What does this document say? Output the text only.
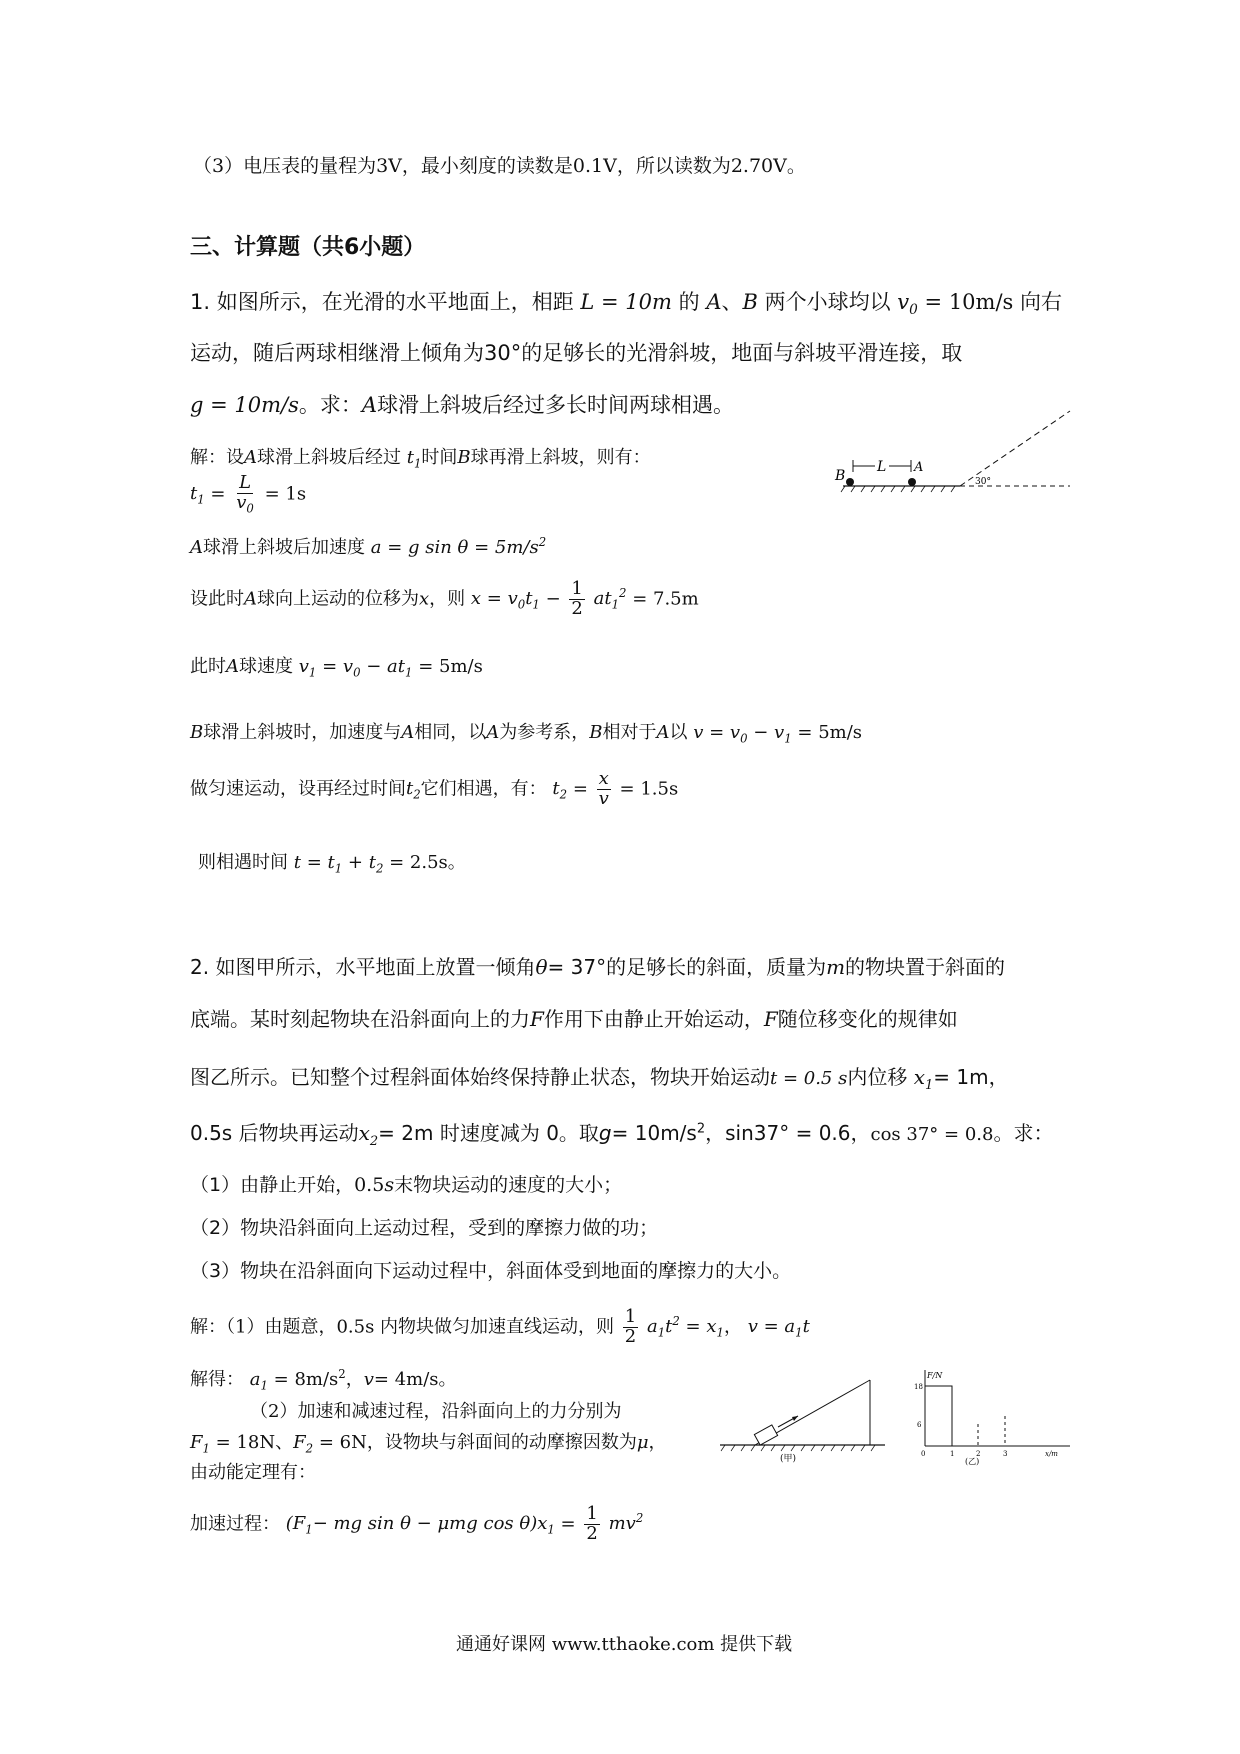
（3）电压表的量程为3V，最小刻度的读数是0.1V，所以读数为2.70V。
三、计算题（共6小题）
1. 如图所示，在光滑的水平地面上，相距 L = 10m 的 A、B 两个小球均以 $v_0 = 10m/s$ 向右
运动，随后两球相继滑上倾角为30°的足够长的光滑斜坡，地面与斜坡平滑连接，取
g = 10m/s。求：A球滑上斜坡后经过多长时间两球相遇。
解：设A球滑上斜坡后经过 $t_1$时间B球再滑上斜坡，则有：
$t_1 = \frac{L}{v_0} = 1s$
A球滑上斜坡后加速度 a = g $\sin \theta = 5m/s^2$
设此时A球向上运动的位移为x，则 $x = v_0t_1 - \frac{1}{2} at_1^2 = 7.5m$
此时A球速度 $v_1 = v_0 - at_1 = 5m/s$
B球滑上斜坡时，加速度与A相同，以A为参考系，B相对于A以 $v = v_0 - v_1 = 5m/s$
做匀速运动，设再经过时间$t_2$它们相遇，有： $t_2 = \frac{x}{v} = 1.5s$
则相遇时间 $t = t_1 + t_2 = 2.5s$。
B
L A
30°
2. 如图甲所示，水平地面上放置一倾角θ= 37°的足够长的斜面，质量为m的物块置于斜面的
底端。某时刻起物块在沿斜面向上的力F作用下由静止开始运动，F随位移变化的规律如
图乙所示。已知整个过程斜面体始终保持静止状态，物块开始运动t = 0.5 s内位移 $x_1= 1m$，
0.5s 后物块再运动$x_2= 2m$ 时速度减为 0。取$g= 10m/s^2$，sin37° = 0.6，cos 37° = 0.8。求：
（1）由静止开始，0.5s末物块运动的速度的大小；
（2）物块沿斜面向上运动过程，受到的摩擦力做的功；
（3）物块在沿斜面向下运动过程中，斜面体受到地面的摩擦力的大小。
解：（1）由题意，0.5s 内物块做匀加速直线运动，则 $\frac{1}{2} a_1t^2 = x_1$， $v = a_1t$
解得： $a_1 = 8m/s^2$，v= 4m/s。
（2）加速和减速过程，沿斜面向上的力分别为
$F_1 = 18N$、$F_2 = 6N$，设物块与斜面间的动摩擦因数为μ，
由动能定理有：
加速过程： ($F_1-$ mg sin θ − μmg $\cos \theta)x_1 = \frac{1}{2} mv^2$
(甲)
F/N
18
6
0	1	2	3	x/m
(乙)
通通好课网 www.tthaoke.com 提供下载
